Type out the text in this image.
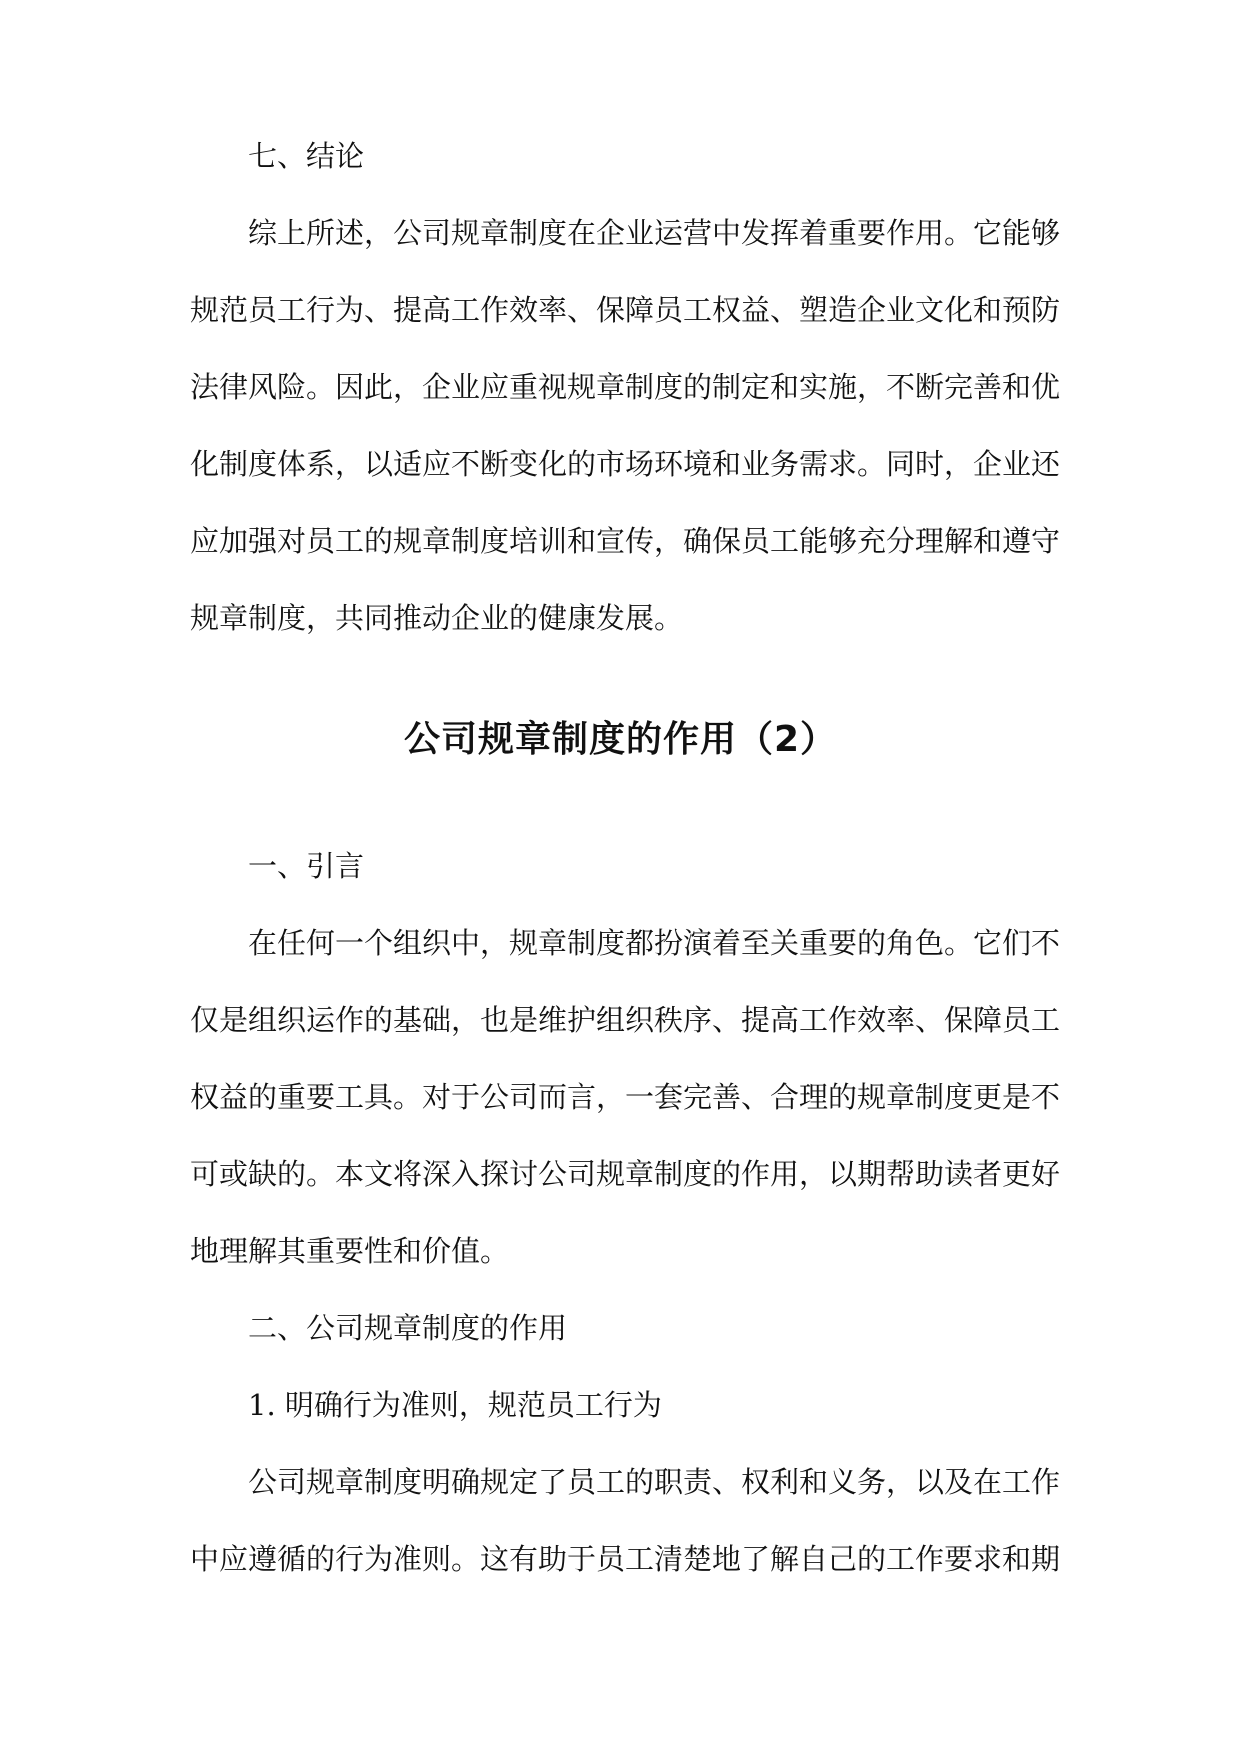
七、结论
综上所述，公司规章制度在企业运营中发挥着重要作用。它能够
规范员工行为、提高工作效率、保障员工权益、塑造企业文化和预防
法律风险。因此，企业应重视规章制度的制定和实施，不断完善和优
化制度体系，以适应不断变化的市场环境和业务需求。同时，企业还
应加强对员工的规章制度培训和宣传，确保员工能够充分理解和遵守
规章制度，共同推动企业的健康发展。
公司规章制度的作用（2）
一、引言
在任何一个组织中，规章制度都扮演着至关重要的角色。它们不
仅是组织运作的基础，也是维护组织秩序、提高工作效率、保障员工
权益的重要工具。对于公司而言，一套完善、合理的规章制度更是不
可或缺的。本文将深入探讨公司规章制度的作用，以期帮助读者更好
地理解其重要性和价值。
二、公司规章制度的作用
1. 明确行为准则，规范员工行为
公司规章制度明确规定了员工的职责、权利和义务，以及在工作
中应遵循的行为准则。这有助于员工清楚地了解自己的工作要求和期
